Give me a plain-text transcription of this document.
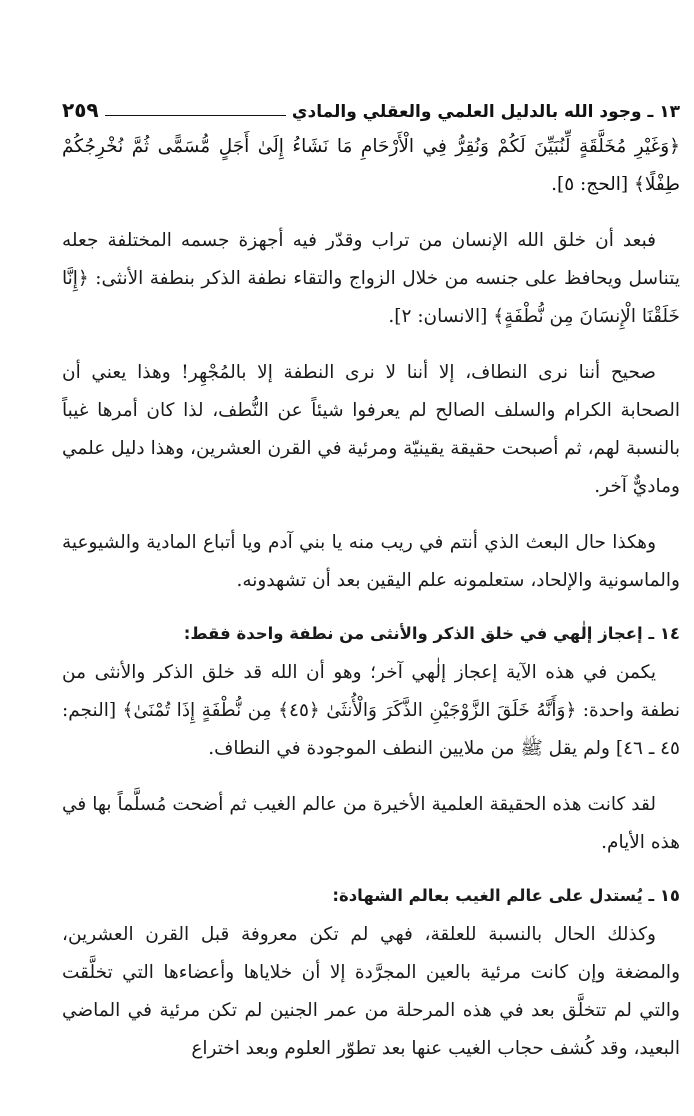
١٣ ـ وجود الله بالدليل العلمي والعقلي والمادي
٢٥٩

﴿وَغَيْرِ مُخَلَّقَةٍ لِّنُبَيِّنَ لَكُمْ وَنُقِرُّ فِي الْأَرْحَامِ مَا نَشَاءُ إِلَىٰ أَجَلٍ مُّسَمًّى ثُمَّ نُخْرِجُكُمْ طِفْلًا﴾ [الحج: ٥].

فبعد أن خلق الله الإنسان من تراب وقدّر فيه أجهزة جسمه المختلفة جعله يتناسل ويحافظ على جنسه من خلال الزواج والتقاء نطفة الذكر بنطفة الأنثى: ﴿إِنَّا خَلَقْنَا الْإِنسَانَ مِن نُّطْفَةٍ﴾ [الانسان: ٢].

صحيح أننا نرى النطاف، إلا أننا لا نرى النطفة إلا بالمُجْهِر! وهذا يعني أن الصحابة الكرام والسلف الصالح لم يعرفوا شيئاً عن النُّطف، لذا كان أمرها غيباً بالنسبة لهم، ثم أصبحت حقيقة يقينيّة ومرئية في القرن العشرين، وهذا دليل علمي وماديٌّ آخر.

وهكذا حال البعث الذي أنتم في ريب منه يا بني آدم ويا أتباع المادية والشيوعية والماسونية والإلحاد، ستعلمونه علم اليقين بعد أن تشهدونه.

١٤ ـ إعجاز إلٰهي في خلق الذكر والأنثى من نطفة واحدة فقط:

يكمن في هذه الآية إعجاز إلٰهي آخر؛ وهو أن الله قد خلق الذكر والأنثى من نطفة واحدة: ﴿وَأَنَّهُ خَلَقَ الزَّوْجَيْنِ الذَّكَرَ وَالْأُنثَىٰ ﴿٤٥﴾ مِن نُّطْفَةٍ إِذَا تُمْنَىٰ﴾ [النجم: ٤٥ ـ ٤٦] ولم يقل ﷺ من ملايين النطف الموجودة في النطاف.

لقد كانت هذه الحقيقة العلمية الأخيرة من عالم الغيب ثم أضحت مُسلَّماً بها في هذه الأيام.

١٥ ـ يُستدل على عالم الغيب بعالم الشهادة:

وكذلك الحال بالنسبة للعلقة، فهي لم تكن معروفة قبل القرن العشرين، والمضغة وإن كانت مرئية بالعين المجرَّدة إلا أن خلاياها وأعضاءها التي تخلَّقت والتي لم تتخلَّق بعد في هذه المرحلة من عمر الجنين لم تكن مرئية في الماضي البعيد، وقد كُشف حجاب الغيب عنها بعد تطوّر العلوم وبعد اختراع
